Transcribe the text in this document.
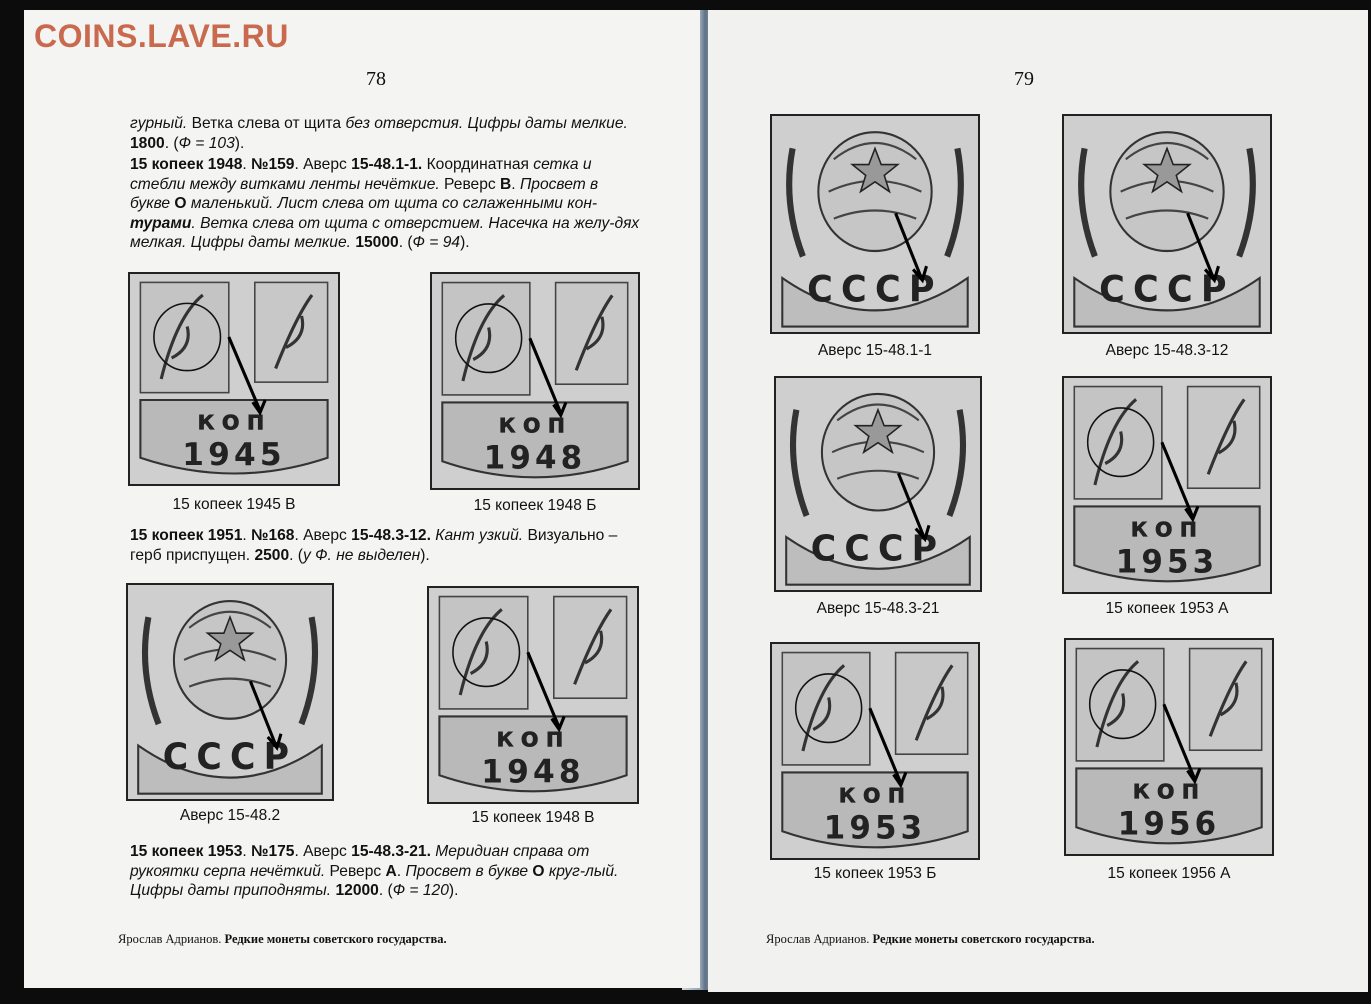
COINS.LAVE.RU
78

гурный. Ветка слева от щита без отверстия. Цифры даты мелкие. 1800. (Ф = 103).

15 копеек 1948. №159. Аверс 15-48.1-1. Координатная сетка и стебли между витками ленты нечёткие. Реверс В. Просвет в букве О маленький. Лист слева от щита со сглаженными кон-турами. Ветка слева от щита с отверстием. Насечка на желу-дях мелкая. Цифры даты мелкие. 15000. (Ф = 94).

коп
1945
15 копеек 1945 В
коп
1948
15 копеек 1948 Б

15 копеек 1951. №168. Аверс 15-48.3-12. Кант узкий. Визуально – герб приспущен. 2500. (у Ф. не выделен).

СССР
Аверс 15-48.2
коп
1948
15 копеек 1948 В

15 копеек 1953. №175. Аверс 15-48.3-21. Меридиан справа от рукоятки серпа нечёткий. Реверс А. Просвет в букве О круг-лый. Цифры даты приподняты. 12000. (Ф = 120).

Ярослав Адрианов. Редкие монеты советского государства.
79
СССР
Аверс 15-48.1-1
СССР
Аверс 15-48.3-12
СССР
Аверс 15-48.3-21
коп
1953
15 копеек 1953 А
коп
1953
15 копеек 1953 Б
коп
1956
15 копеек 1956 А
Ярослав Адрианов. Редкие монеты советского государства.
